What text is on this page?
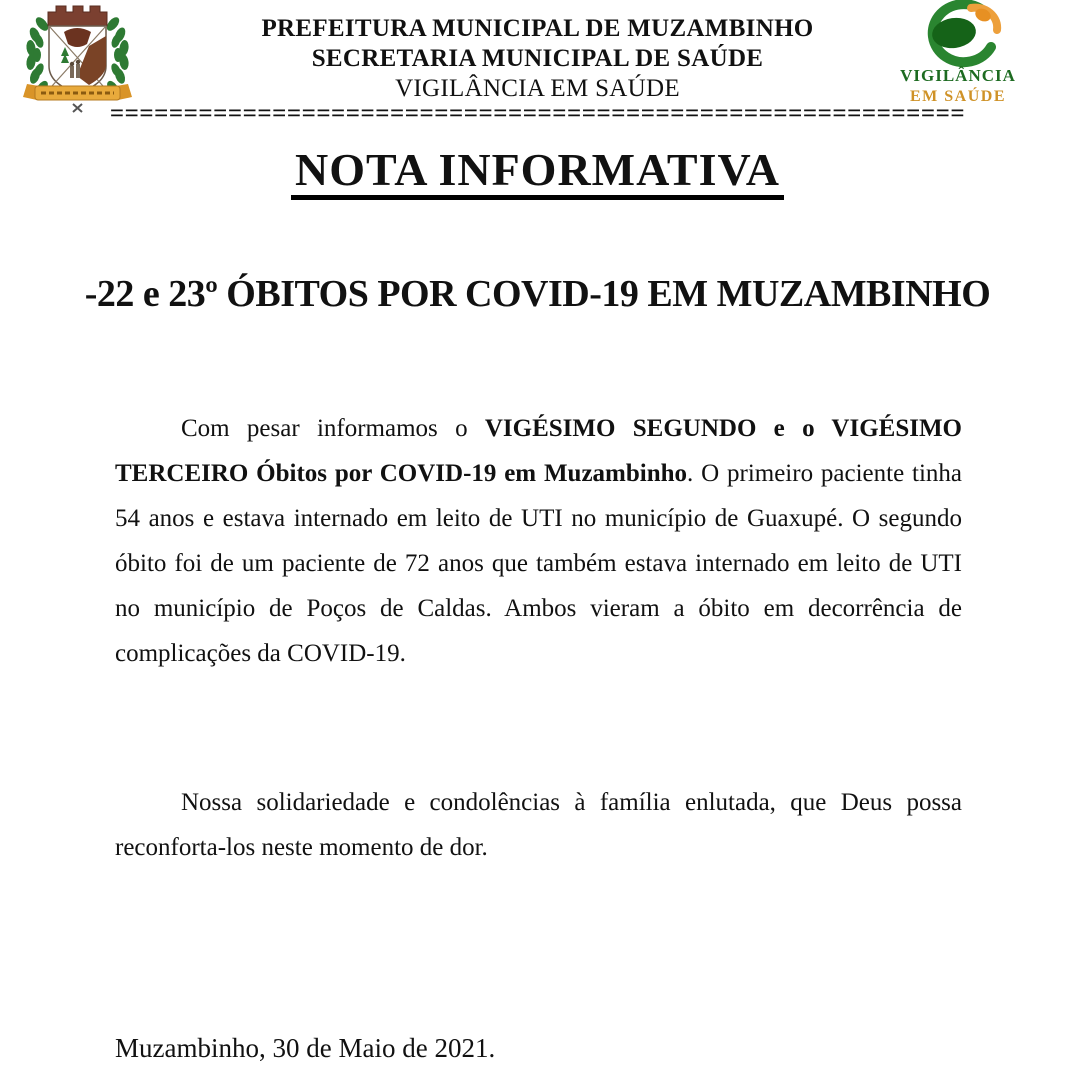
PREFEITURA MUNICIPAL DE MUZAMBINHO
SECRETARIA MUNICIPAL DE SAÚDE
VIGILÂNCIA EM SAÚDE	VIGILÂNCIA
EM SAÚDE
==========================================================
NOTA INFORMATIVA
-22 e 23º ÓBITOS POR COVID-19 EM MUZAMBINHO

Com pesar informamos o VIGÉSIMO SEGUNDO e o VIGÉSIMO TERCEIRO Óbitos por COVID-19 em Muzambinho. O primeiro paciente tinha 54 anos e estava internado em leito de UTI no município de Guaxupé. O segundo óbito foi de um paciente de 72 anos que também estava internado em leito de UTI no município de Poços de Caldas. Ambos vieram a óbito em decorrência de complicações da COVID-19.

Nossa solidariedade e condolências à família enlutada, que Deus possa reconforta-los neste momento de dor.

Muzambinho, 30 de Maio de 2021.
